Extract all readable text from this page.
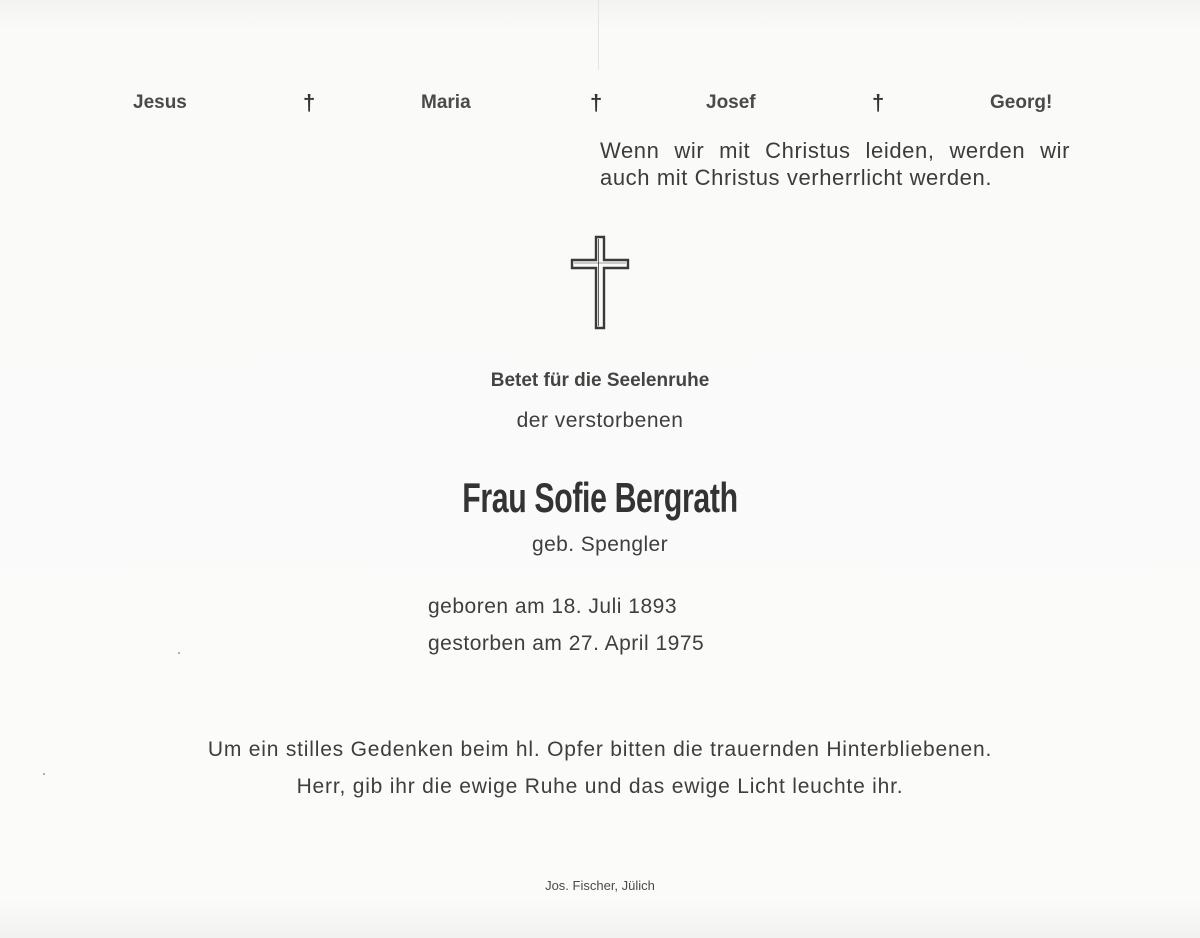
Jesus	†	Maria	†	Josef	†	Georg!
Wenn wir mit Christus leiden, werden wir auch mit Christus verherrlicht werden.
Betet für die Seelenruhe
der verstorbenen
Frau Sofie Bergrath
geb. Spengler
geboren am 18. Juli 1893
gestorben am 27. April 1975
Um ein stilles Gedenken beim hl. Opfer bitten die trauernden Hinterbliebenen.
Herr, gib ihr die ewige Ruhe und das ewige Licht leuchte ihr.
Jos. Fischer, Jülich
